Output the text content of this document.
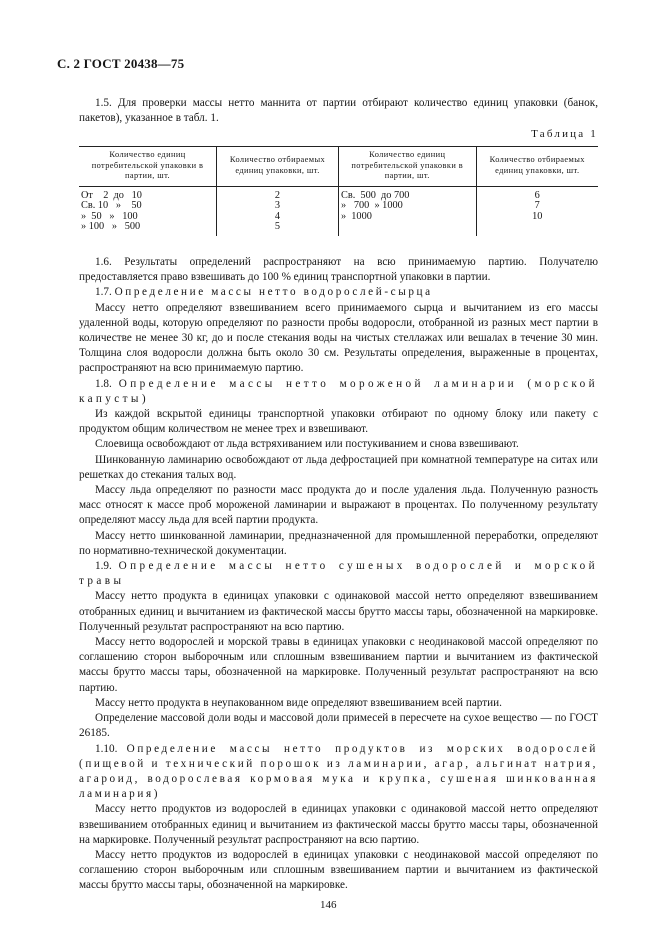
С. 2 ГОСТ 20438—75

1.5. Для проверки массы нетто маннита от партии отбирают количество единиц упаковки (банок, пакетов), указанное в табл. 1.

Таблица 1
Количество единиц потребительской упаковки в партии, шт.	Количество отбираемых единиц упаковки, шт.	Количество единиц потребительской упаковки в партии, шт.	Количество отбираемых единиц упаковки, шт.
От    2  до   10	2	Св.  500  до 700	6
Св. 10   »    50	3	»   700  » 1000	7
»  50   »   100	4	»  1000	10
» 100   »   500	5		

1.6. Результаты определений распространяют на всю принимаемую партию. Получателю предоставляется право взвешивать до 100 % единиц транспортной упаковки в партии.

1.7. Определение массы нетто водорослей-сырца

Массу нетто определяют взвешиванием всего принимаемого сырца и вычитанием из его массы удаленной воды, которую определяют по разности пробы водоросли, отобранной из разных мест партии в количестве не менее 30 кг, до и после стекания воды на чистых стеллажах или вешалах в течение 30 мин. Толщина слоя водоросли должна быть около 30 см. Результаты определения, выраженные в процентах, распространяют на всю принимаемую партию.

1.8. Определение массы нетто мороженой ламинарии (морской капусты)

Из каждой вскрытой единицы транспортной упаковки отбирают по одному блоку или пакету с продуктом общим количеством не менее трех и взвешивают.

Слоевища освобождают от льда встряхиванием или постукиванием и снова взвешивают.

Шинкованную ламинарию освобождают от льда дефростацией при комнатной температуре на ситах или решетках до стекания талых вод.

Массу льда определяют по разности масс продукта до и после удаления льда. Полученную разность масс относят к массе проб мороженой ламинарии и выражают в процентах. По полученному результату определяют массу льда для всей партии продукта.

Массу нетто шинкованной ламинарии, предназначенной для промышленной переработки, определяют по нормативно-технической документации.

1.9. Определение массы нетто сушеных водорослей и морской травы

Массу нетто продукта в единицах упаковки с одинаковой массой нетто определяют взвешиванием отобранных единиц и вычитанием из фактической массы брутто массы тары, обозначенной на маркировке. Полученный результат распространяют на всю партию.

Массу нетто водорослей и морской травы в единицах упаковки с неодинаковой массой определяют по соглашению сторон выборочным или сплошным взвешиванием партии и вычитанием из фактической массы брутто массы тары, обозначенной на маркировке. Полученный результат распространяют на всю партию.

Массу нетто продукта в неупакованном виде определяют взвешиванием всей партии.

Определение массовой доли воды и массовой доли примесей в пересчете на сухое вещество — по ГОСТ 26185.

1.10. Определение массы нетто продуктов из морских водорослей (пищевой и технический порошок из ламинарии, агар, альгинат натрия, агароид, водорослевая кормовая мука и крупка, сушеная шинкованная ламинария)

Массу нетто продуктов из водорослей в единицах упаковки с одинаковой массой нетто определяют взвешиванием отобранных единиц и вычитанием из фактической массы брутто массы тары, обозначенной на маркировке. Полученный результат распространяют на всю партию.

Массу нетто продуктов из водорослей в единицах упаковки с неодинаковой массой определяют по соглашению сторон выборочным или сплошным взвешиванием партии и вычитанием из фактической массы брутто массы тары, обозначенной на маркировке.

146
